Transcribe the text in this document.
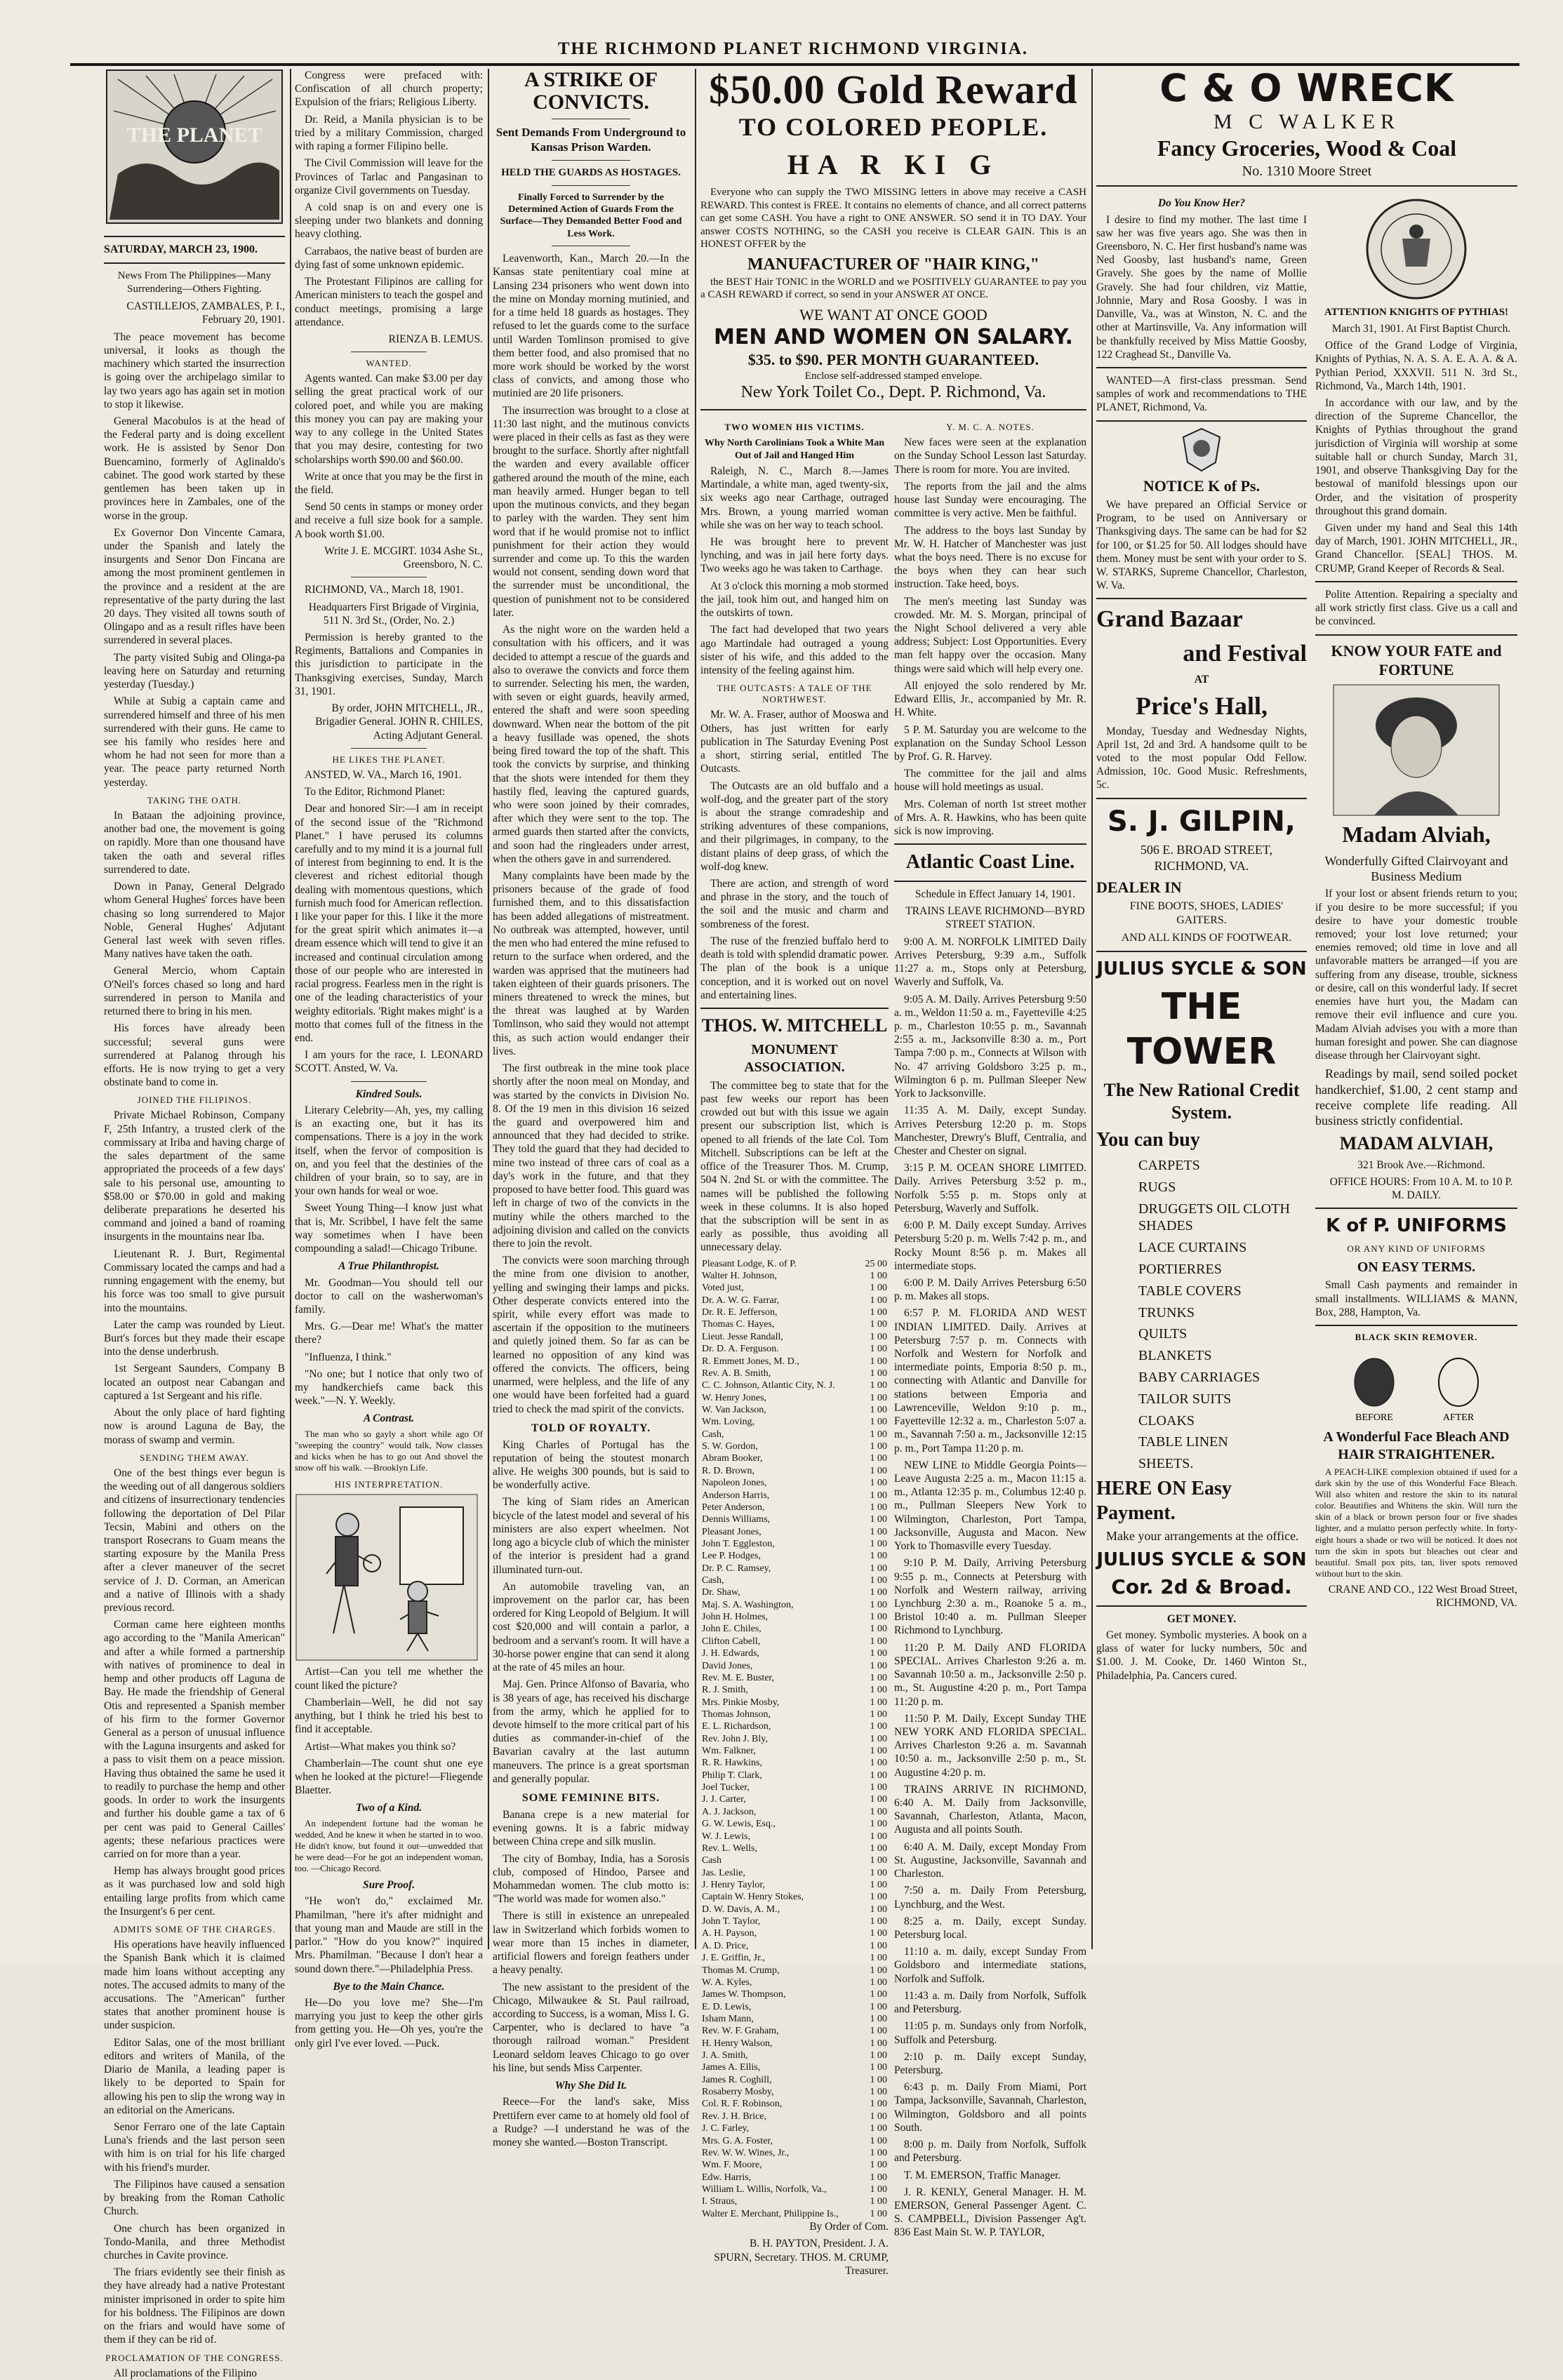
THE RICHMOND PLANET RICHMOND VIRGINIA.
THE PLANET
SATURDAY, MARCH 23, 1900.
News From The Philippines—Many Surrendering—Others Fighting.

CASTILLEJOS, ZAMBALES, P. I., February 20, 1901.

The peace movement has become universal, it looks as though the machinery which started the insurrection is going over the archipelago similar to lay two years ago has again set in motion to stop it likewise.

General Macobulos is at the head of the Federal party and is doing excellent work. He is assisted by Senor Don Buencamino, formerly of Aglinaldo's cabinet. The good work started by these gentlemen has been taken up in provinces here in Zambales, one of the worse in the group.

Ex Governor Don Vincente Camara, under the Spanish and lately the insurgents and Senor Don Fincana are among the most prominent gentlemen in the province and a resident at the are representative of the party during the last 20 days. They visited all towns south of Olingapo and as a result rifles have been surrendered in several places.

The party visited Subig and Olinga-pa leaving here on Saturday and returning yesterday (Tuesday.)

While at Subig a captain came and surrendered himself and three of his men surrendered with their guns. He came to see his family who resides here and whom he had not seen for more than a year. The peace party returned North yesterday.

TAKING THE OATH.

In Bataan the adjoining province, another bad one, the movement is going on rapidly. More than one thousand have taken the oath and several rifles surrendered to date.

Down in Panay, General Delgrado whom General Hughes' forces have been chasing so long surrendered to Major Noble, General Hughes' Adjutant General last week with seven rifles. Many natives have taken the oath.

General Mercio, whom Captain O'Neil's forces chased so long and hard surrendered in person to Manila and returned there to bring in his men.

His forces have already been successful; several guns were surrendered at Palanog through his efforts. He is now trying to get a very obstinate band to come in.

JOINED THE FILIPINOS.

Private Michael Robinson, Company F, 25th Infantry, a trusted clerk of the commissary at Iriba and having charge of the sales department of the same appropriated the proceeds of a few days' sale to his personal use, amounting to $58.00 or $70.00 in gold and making deliberate preparations he deserted his command and joined a band of roaming insurgents in the mountains near Iba.

Lieutenant R. J. Burt, Regimental Commissary located the camps and had a running engagement with the enemy, but his force was too small to give pursuit into the mountains.

Later the camp was rounded by Lieut. Burt's forces but they made their escape into the dense underbrush.

1st Sergeant Saunders, Company B located an outpost near Cabangan and captured a 1st Sergeant and his rifle.

About the only place of hard fighting now is around Laguna de Bay, the morass of swamp and vermin.

SENDING THEM AWAY.

One of the best things ever begun is the weeding out of all dangerous soldiers and citizens of insurrectionary tendencies following the deportation of Del Pilar Tecsin, Mabini and others on the transport Rosecrans to Guam means the starting exposure by the Manila Press after a clever maneuver of the secret service of J. D. Corman, an American and a native of Illinois with a shady previous record.

Corman came here eighteen months ago according to the "Manila American" and after a while formed a partnership with natives of prominence to deal in hemp and other products off Laguna de Bay. He made the friendship of General Otis and represented a Spanish member of his firm to the former Governor General as a person of unusual influence with the Laguna insurgents and asked for a pass to visit them on a peace mission. Having thus obtained the same he used it to readily to purchase the hemp and other goods. In order to work the insurgents and further his double game a tax of 6 per cent was paid to General Cailles' agents; these nefarious practices were carried on for more than a year.

Hemp has always brought good prices as it was purchased low and sold high entailing large profits from which came the Insurgent's 6 per cent.

ADMITS SOME OF THE CHARGES.

His operations have heavily influenced the Spanish Bank which it is claimed made him loans without accepting any notes. The accused admits to many of the accusations. The "American" further states that another prominent house is under suspicion.

Editor Salas, one of the most brilliant editors and writers of Manila, of the Diario de Manila, a leading paper is likely to be deported to Spain for allowing his pen to slip the wrong way in an editorial on the Americans.

Senor Ferraro one of the late Captain Luna's friends and the last person seen with him is on trial for his life charged with his friend's murder.

The Filipinos have caused a sensation by breaking from the Roman Catholic Church.

One church has been organized in Tondo-Manila, and three Methodist churches in Cavite province.

The friars evidently see their finish as they have already had a native Protestant minister imprisoned in order to spite him for his boldness. The Filipinos are down on the friars and would have some of them if they can be rid of.

PROCLAMATION OF THE CONGRESS.

All proclamations of the Filipino

Congress were prefaced with: Confiscation of all church property; Expulsion of the friars; Religious Liberty.

Dr. Reid, a Manila physician is to be tried by a military Commission, charged with raping a former Filipino belle.

The Civil Commission will leave for the Provinces of Tarlac and Pangasinan to organize Civil governments on Tuesday.

A cold snap is on and every one is sleeping under two blankets and donning heavy clothing.

Carrabaos, the native beast of burden are dying fast of some unknown epidemic.

The Protestant Filipinos are calling for American ministers to teach the gospel and conduct meetings, promising a large attendance.

RIENZA B. LEMUS.

WANTED.

Agents wanted. Can make $3.00 per day selling the great practical work of our colored poet, and while you are making this money you can pay are making your way to any college in the United States that you may desire, contesting for two scholarships worth $90.00 and $60.00.

Write at once that you may be the first in the field.

Send 50 cents in stamps or money order and receive a full size book for a sample. A book worth $1.00.

Write J. E. MCGIRT. 1034 Ashe St., Greensboro, N. C.

RICHMOND, VA., March 18, 1901.

Headquarters First Brigade of Virginia, 511 N. 3rd St., (Order, No. 2.)

Permission is hereby granted to the Regiments, Battalions and Companies in this jurisdiction to participate in the Thanksgiving exercises, Sunday, March 31, 1901.

By order, JOHN MITCHELL, JR., Brigadier General. JOHN R. CHILES, Acting Adjutant General.

HE LIKES THE PLANET.

ANSTED, W. VA., March 16, 1901.

To the Editor, Richmond Planet:

Dear and honored Sir:—I am in receipt of the second issue of the "Richmond Planet." I have perused its columns carefully and to my mind it is a journal full of interest from beginning to end. It is the cleverest and richest editorial though dealing with momentous questions, which furnish much food for American reflection. I like your paper for this. I like it the more for the great spirit which animates it—a dream essence which will tend to give it an increased and continual circulation among those of our people who are interested in racial progress. Fearless men in the right is one of the leading characteristics of your weighty editorials. 'Right makes might' is a motto that comes full of the fitness in the end.

I am yours for the race, I. LEONARD SCOTT. Ansted, W. Va.

Kindred Souls.

Literary Celebrity—Ah, yes, my calling is an exacting one, but it has its compensations. There is a joy in the work itself, when the fervor of composition is on, and you feel that the destinies of the children of your brain, so to say, are in your own hands for weal or woe.

Sweet Young Thing—I know just what that is, Mr. Scribbel, I have felt the same way sometimes when I have been compounding a salad!—Chicago Tribune.

A True Philanthropist.

Mr. Goodman—You should tell our doctor to call on the washerwoman's family.

Mrs. G.—Dear me! What's the matter there?

"Influenza, I think."

"No one; but I notice that only two of my handkerchiefs came back this week."—N. Y. Weekly.

A Contrast.

The man who so gayly a short while ago Of "sweeping the country" would talk, Now classes and kicks when he has to go out And shovel the snow off his walk. —Brooklyn Life.

HIS INTERPRETATION.

Artist—Can you tell me whether the count liked the picture?

Chamberlain—Well, he did not say anything, but I think he tried his best to find it acceptable.

Artist—What makes you think so?

Chamberlain—The count shut one eye when he looked at the picture!—Fliegende Blaetter.

Two of a Kind.

An independent fortune had the woman he wedded, And he knew it when he started in to woo. He didn't know, but found it out—unwedded that he were dead—For he got an independent woman, too. —Chicago Record.

Sure Proof.

"He won't do," exclaimed Mr. Phamilman, "here it's after midnight and that young man and Maude are still in the parlor." "How do you know?" inquired Mrs. Phamilman. "Because I don't hear a sound down there."—Philadelphia Press.

Bye to the Main Chance.

He—Do you love me? She—I'm marrying you just to keep the other girls from getting you. He—Oh yes, you're the only girl I've ever loved. —Puck.

A STRIKE OF CONVICTS.
Sent Demands From Underground to Kansas Prison Warden.
HELD THE GUARDS AS HOSTAGES.
Finally Forced to Surrender by the Determined Action of Guards From the Surface—They Demanded Better Food and Less Work.

Leavenworth, Kan., March 20.—In the Kansas state penitentiary coal mine at Lansing 234 prisoners who went down into the mine on Monday morning mutinied, and for a time held 18 guards as hostages. They refused to let the guards come to the surface until Warden Tomlinson promised to give them better food, and also promised that no more work should be worked by the worst class of convicts, and among those who mutinied are 20 life prisoners.

The insurrection was brought to a close at 11:30 last night, and the mutinous convicts were placed in their cells as fast as they were brought to the surface. Shortly after nightfall the warden and every available officer gathered around the mouth of the mine, each man heavily armed. Hunger began to tell upon the mutinous convicts, and they began to parley with the warden. They sent him word that if he would promise not to inflict punishment for their action they would surrender and come up. To this the warden would not consent, sending down word that the surrender must be unconditional, the question of punishment not to be considered later.

As the night wore on the warden held a consultation with his officers, and it was decided to attempt a rescue of the guards and also to overawe the convicts and force them to surrender. Selecting his men, the warden, with seven or eight guards, heavily armed, entered the shaft and were soon speeding downward. When near the bottom of the pit a heavy fusillade was opened, the shots being fired toward the top of the shaft. This took the convicts by surprise, and thinking that the shots were intended for them they hastily fled, leaving the captured guards, who were soon joined by their comrades, after which they were sent to the top. The armed guards then started after the convicts, and soon had the ringleaders under arrest, when the others gave in and surrendered.

Many complaints have been made by the prisoners because of the grade of food furnished them, and to this dissatisfaction has been added allegations of mistreatment. No outbreak was attempted, however, until the men who had entered the mine refused to return to the surface when ordered, and the warden was apprised that the mutineers had taken eighteen of their guards prisoners. The miners threatened to wreck the mines, but the threat was laughed at by Warden Tomlinson, who said they would not attempt this, as such action would endanger their lives.

The first outbreak in the mine took place shortly after the noon meal on Monday, and was started by the convicts in Division No. 8. Of the 19 men in this division 16 seized the guard and overpowered him and announced that they had decided to strike. They told the guard that they had decided to mine two instead of three cars of coal as a day's work in the future, and that they proposed to have better food. This guard was left in charge of two of the convicts in the mutiny while the others marched to the adjoining division and called on the convicts there to join the revolt.

The convicts were soon marching through the mine from one division to another, yelling and swinging their lamps and picks. Other desperate convicts entered into the spirit, while every effort was made to ascertain if the opposition to the mutineers and quietly joined them. So far as can be learned no opposition of any kind was offered the convicts. The officers, being unarmed, were helpless, and the life of any one would have been forfeited had a guard tried to check the mad spirit of the convicts.

TOLD OF ROYALTY.

King Charles of Portugal has the reputation of being the stoutest monarch alive. He weighs 300 pounds, but is said to be wonderfully active.

The king of Siam rides an American bicycle of the latest model and several of his ministers are also expert wheelmen. Not long ago a bicycle club of which the minister of the interior is president had a grand illuminated turn-out.

An automobile traveling van, an improvement on the parlor car, has been ordered for King Leopold of Belgium. It will cost $20,000 and will contain a parlor, a bedroom and a servant's room. It will have a 30-horse power engine that can send it along at the rate of 45 miles an hour.

Maj. Gen. Prince Alfonso of Bavaria, who is 38 years of age, has received his discharge from the army, which he applied for to devote himself to the more critical part of his duties as commander-in-chief of the Bavarian cavalry at the last autumn maneuvers. The prince is a great sportsman and generally popular.

SOME FEMININE BITS.

Banana crepe is a new material for evening gowns. It is a fabric midway between China crepe and silk muslin.

The city of Bombay, India, has a Sorosis club, composed of Hindoo, Parsee and Mohammedan women. The club motto is: "The world was made for women also."

There is still in existence an unrepealed law in Switzerland which forbids women to wear more than 15 inches in diameter, artificial flowers and foreign feathers under a heavy penalty.

The new assistant to the president of the Chicago, Milwaukee & St. Paul railroad, according to Success, is a woman, Miss I. G. Carpenter, who is declared to have "a thorough railroad woman." President Leonard seldom leaves Chicago to go over his line, but sends Miss Carpenter.

Why She Did It.

Reece—For the land's sake, Miss Prettifern ever came to at homely old fool of a Rudge? —I understand he was of the money she wanted.—Boston Transcript.

$50.00 Gold Reward
TO COLORED PEOPLE.
HA R KI G

Everyone who can supply the TWO MISSING letters in above may receive a CASH REWARD. This contest is FREE. It contains no elements of chance, and all correct patterns can get some CASH. You have a right to ONE ANSWER. SO send it in TO DAY. Your answer COSTS NOTHING, so the CASH you receive is CLEAR GAIN. This is an HONEST OFFER by the

MANUFACTURER OF "HAIR KING,"

the BEST Hair TONIC in the WORLD and we POSITIVELY GUARANTEE to pay you a CASH REWARD if correct, so send in your ANSWER AT ONCE.

WE WANT AT ONCE GOOD
MEN AND WOMEN ON SALARY.
$35. to $90. PER MONTH GUARANTEED.
Enclose self-addressed stamped envelope.
New York Toilet Co., Dept. P. Richmond, Va.
TWO WOMEN HIS VICTIMS.
Why North Carolinians Took a White Man Out of Jail and Hanged Him

Raleigh, N. C., March 8.—James Martindale, a white man, aged twenty-six, six weeks ago near Carthage, outraged Mrs. Brown, a young married woman while she was on her way to teach school.

He was brought here to prevent lynching, and was in jail here forty days. Two weeks ago he was taken to Carthage.

At 3 o'clock this morning a mob stormed the jail, took him out, and hanged him on the outskirts of town.

The fact had developed that two years ago Martindale had outraged a young sister of his wife, and this added to the intensity of the feeling against him.

THE OUTCASTS: A TALE OF THE NORTHWEST.

Mr. W. A. Fraser, author of Mooswa and Others, has just written for early publication in The Saturday Evening Post a short, stirring serial, entitled The Outcasts.

The Outcasts are an old buffalo and a wolf-dog, and the greater part of the story is about the strange comradeship and striking adventures of these companions, and their pilgrimages, in company, to the distant plains of deep grass, of which the wolf-dog knew.

There are action, and strength of word and phrase in the story, and the touch of the soil and the music and charm and sombreness of the forest.

The ruse of the frenzied buffalo herd to death is told with splendid dramatic power. The plan of the book is a unique conception, and it is worked out on novel and entertaining lines.

THOS. W. MITCHELL
MONUMENT ASSOCIATION.

The committee beg to state that for the past few weeks our report has been crowded out but with this issue we again present our subscription list, which is opened to all friends of the late Col. Tom Mitchell. Subscriptions can be left at the office of the Treasurer Thos. M. Crump, 504 N. 2nd St. or with the committee. The names will be published the following week in these columns. It is also hoped that the subscription will be sent in as early as possible, thus avoiding all unnecessary delay.

Pleasant Lodge, K. of P.	25 00
Walter H. Johnson,	1 00
Voted just,	1 00
Dr. A. W. G. Farrar,	1 00
Dr. R. E. Jefferson,	1 00
Thomas C. Hayes,	1 00
Lieut. Jesse Randall,	1 00
Dr. D. A. Ferguson.	1 00
R. Emmett Jones, M. D.,	1 00
Rev. A. B. Smith,	1 00
C. C. Johnson, Atlantic City, N. J.	1 00
W. Henry Jones,	1 00
W. Van Jackson,	1 00
Wm. Loving,	1 00
Cash,	1 00
S. W. Gordon,	1 00
Abram Booker,	1 00
R. D. Brown,	1 00
Napoleon Jones,	1 00
Anderson Harris,	1 00
Peter Anderson,	1 00
Dennis Williams,	1 00
Pleasant Jones,	1 00
John T. Eggleston,	1 00
Lee P. Hodges,	1 00
Dr. P. C. Ramsey,	1 00
Cash,	1 00
Dr. Shaw,	1 00
Maj. S. A. Washington,	1 00
John H. Holmes,	1 00
John E. Chiles,	1 00
Clifton Cabell,	1 00
J. H. Edwards,	1 00
David Jones,	1 00
Rev. M. E. Buster,	1 00
R. J. Smith,	1 00
Mrs. Pinkie Mosby,	1 00
Thomas Johnson,	1 00
E. L. Richardson,	1 00
Rev. John J. Bly,	1 00
Wm. Falkner,	1 00
R. R. Hawkins,	1 00
Philip T. Clark,	1 00
Joel Tucker,	1 00
J. J. Carter,	1 00
A. J. Jackson,	1 00
G. W. Lewis, Esq.,	1 00
W. J. Lewis,	1 00
Rev. L. Wells,	1 00
Cash	1 00
Jas. Leslie,	1 00
J. Henry Taylor,	1 00
Captain W. Henry Stokes,	1 00
D. W. Davis, A. M.,	1 00
John T. Taylor,	1 00
A. H. Payson,	1 00
A. D. Price,	1 00
J. E. Griffin, Jr.,	1 00
Thomas M. Crump,	1 00
W. A. Kyles,	1 00
James W. Thompson,	1 00
E. D. Lewis,	1 00
Isham Mann,	1 00
Rev. W. F. Graham,	1 00
H. Henry Walson,	1 00
J. A. Smith,	1 00
James A. Ellis,	1 00
James R. Coghill,	1 00
Rosaberry Mosby,	1 00
Col. R. F. Robinson,	1 00
Rev. J. H. Brice,	1 00
J. C. Farley,	1 00
Mrs. G. A. Foster,	1 00
Rev. W. W. Wines, Jr.,	1 00
Wm. F. Moore,	1 00
Edw. Harris,	1 00
William L. Willis, Norfolk, Va.,	1 00
I. Straus,	1 00
Walter E. Merchant, Philippine Is.,	1 00

By Order of Com.

B. H. PAYTON, President. J. A. SPURN, Secretary. THOS. M. CRUMP, Treasurer.

Y. M. C. A. NOTES.

New faces were seen at the explanation on the Sunday School Lesson last Saturday. There is room for more. You are invited.

The reports from the jail and the alms house last Sunday were encouraging. The committee is very active. Men be faithful.

The address to the boys last Sunday by Mr. W. H. Hatcher of Manchester was just what the boys need. There is no excuse for the boys when they can hear such instruction. Take heed, boys.

The men's meeting last Sunday was crowded. Mr. M. S. Morgan, principal of the Night School delivered a very able address; Subject: Lost Opportunities. Every man felt happy over the occasion. Many things were said which will help every one.

All enjoyed the solo rendered by Mr. Edward Ellis, Jr., accompanied by Mr. R. H. White.

5 P. M. Saturday you are welcome to the explanation on the Sunday School Lesson by Prof. G. R. Harvey.

The committee for the jail and alms house will hold meetings as usual.

Mrs. Coleman of north 1st street mother of Mrs. A. R. Hawkins, who has been quite sick is now improving.

Atlantic Coast Line.

Schedule in Effect January 14, 1901.

TRAINS LEAVE RICHMOND—BYRD STREET STATION.

9:00 A. M. NORFOLK LIMITED Daily Arrives Petersburg, 9:39 a.m., Suffolk 11:27 a. m., Stops only at Petersburg, Waverly and Suffolk, Va.

9:05 A. M. Daily. Arrives Petersburg 9:50 a. m., Weldon 11:50 a. m., Fayetteville 4:25 p. m., Charleston 10:55 p. m., Savannah 2:55 a. m., Jacksonville 8:30 a. m., Port Tampa 7:00 p. m., Connects at Wilson with No. 47 arriving Goldsboro 3:25 p. m., Wilmington 6 p. m. Pullman Sleeper New York to Jacksonville.

11:35 A. M. Daily, except Sunday. Arrives Petersburg 12:20 p. m. Stops Manchester, Drewry's Bluff, Centralia, and Chester and Chester on signal.

3:15 P. M. OCEAN SHORE LIMITED. Daily. Arrives Petersburg 3:52 p. m., Norfolk 5:55 p. m. Stops only at Petersburg, Waverly and Suffolk.

6:00 P. M. Daily except Sunday. Arrives Petersburg 5:20 p. m. Wells 7:42 p. m., and Rocky Mount 8:56 p. m. Makes all intermediate stops.

6:00 P. M. Daily Arrives Petersburg 6:50 p. m. Makes all stops.

6:57 P. M. FLORIDA AND WEST INDIAN LIMITED. Daily. Arrives at Petersburg 7:57 p. m. Connects with Norfolk and Western for Norfolk and intermediate points, Emporia 8:50 p. m., connecting with Atlantic and Danville for stations between Emporia and Lawrenceville, Weldon 9:10 p. m., Fayetteville 12:32 a. m., Charleston 5:07 a. m., Savannah 7:50 a. m., Jacksonville 12:15 p. m., Port Tampa 11:20 p. m.

NEW LINE to Middle Georgia Points—Leave Augusta 2:25 a. m., Macon 11:15 a. m., Atlanta 12:35 p. m., Columbus 12:40 p. m., Pullman Sleepers New York to Wilmington, Charleston, Port Tampa, Jacksonville, Augusta and Macon. New York to Thomasville every Tuesday.

9:10 P. M. Daily, Arriving Petersburg 9:55 p. m., Connects at Petersburg with Norfolk and Western railway, arriving Lynchburg 2:30 a. m., Roanoke 5 a. m., Bristol 10:40 a. m. Pullman Sleeper Richmond to Lynchburg.

11:20 P. M. Daily AND FLORIDA SPECIAL. Arrives Charleston 9:26 a. m. Savannah 10:50 a. m., Jacksonville 2:50 p. m., St. Augustine 4:20 p. m., Port Tampa 11:20 p. m.

11:50 P. M. Daily, Except Sunday THE NEW YORK AND FLORIDA SPECIAL. Arrives Charleston 9:26 a. m. Savannah 10:50 a. m., Jacksonville 2:50 p. m., St. Augustine 4:20 p. m.

TRAINS ARRIVE IN RICHMOND, 6:40 A. M. Daily from Jacksonville, Savannah, Charleston, Atlanta, Macon, Augusta and all points South.

6:40 A. M. Daily, except Monday From St. Augustine, Jacksonville, Savannah and Charleston.

7:50 a. m. Daily From Petersburg, Lynchburg, and the West.

8:25 a. m. Daily, except Sunday. Petersburg local.

11:10 a. m. daily, except Sunday From Goldsboro and intermediate stations, Norfolk and Suffolk.

11:43 a. m. Daily from Norfolk, Suffolk and Petersburg.

11:05 p. m. Sundays only from Norfolk, Suffolk and Petersburg.

2:10 p. m. Daily except Sunday, Petersburg.

6:43 p. m. Daily From Miami, Port Tampa, Jacksonville, Savannah, Charleston, Wilmington, Goldsboro and all points South.

8:00 p. m. Daily from Norfolk, Suffolk and Petersburg.

T. M. EMERSON, Traffic Manager.

J. R. KENLY, General Manager. H. M. EMERSON, General Passenger Agent. C. S. CAMPBELL, Division Passenger Ag't. 836 East Main St. W. P. TAYLOR,

C & O WRECK
M C WALKER
Fancy Groceries, Wood & Coal
No. 1310 Moore Street
Do You Know Her?

I desire to find my mother. The last time I saw her was five years ago. She was then in Greensboro, N. C. Her first husband's name was Ned Goosby, last husband's name, Green Gravely. She goes by the name of Mollie Gravely. She had four children, viz Mattie, Johnnie, Mary and Rosa Goosby. I was in Danville, Va., was at Winston, N. C. and the other at Martinsville, Va. Any information will be thankfully received by Miss Mattie Goosby, 122 Craghead St., Danville Va.

WANTED—A first-class pressman. Send samples of work and recommendations to THE PLANET, Richmond, Va.

NOTICE K of Ps.

We have prepared an Official Service or Program, to be used on Anniversary or Thanksgiving days. The same can be had for $2 for 100, or $1.25 for 50. All lodges should have them. Money must be sent with your order to S. W. STARKS, Supreme Chancellor, Charleston, W. Va.

Grand Bazaar
and Festival
AT
Price's Hall,

Monday, Tuesday and Wednesday Nights, April 1st, 2d and 3rd. A handsome quilt to be voted to the most popular Odd Fellow. Admission, 10c. Good Music. Refreshments, 5c.

S. J. GILPIN,

506 E. BROAD STREET, RICHMOND, VA.

DEALER IN

FINE BOOTS, SHOES, LADIES' GAITERS.

AND ALL KINDS OF FOOTWEAR.

JULIUS SYCLE & SON
THE TOWER
The New Rational Credit System.
You can buy
CARPETS
RUGS
DRUGGETS OIL CLOTH SHADES
LACE CURTAINS
PORTIERRES
TABLE COVERS
TRUNKS
QUILTS
BLANKETS
BABY CARRIAGES
TAILOR SUITS
CLOAKS
TABLE LINEN
SHEETS.
HERE ON Easy Payment.

Make your arrangements at the office.

JULIUS SYCLE & SON
Cor. 2d & Broad.
GET MONEY.

Get money. Symbolic mysteries. A book on a glass of water for lucky numbers, 50c and $1.00. J. M. Cooke, Dr. 1460 Winton St., Philadelphia, Pa. Cancers cured.

ATTENTION KNIGHTS OF PYTHIAS!

March 31, 1901. At First Baptist Church.

Office of the Grand Lodge of Virginia, Knights of Pythias, N. A. S. A. E. A. A. & A. Pythian Period, XXXVII. 511 N. 3rd St., Richmond, Va., March 14th, 1901.

In accordance with our law, and by the direction of the Supreme Chancellor, the Knights of Pythias throughout the grand jurisdiction of Virginia will worship at some suitable hall or church Sunday, March 31, 1901, and observe Thanksgiving Day for the bestowal of manifold blessings upon our Order, and the visitation of prosperity throughout this grand domain.

Given under my hand and Seal this 14th day of March, 1901. JOHN MITCHELL, JR., Grand Chancellor. [SEAL] THOS. M. CRUMP, Grand Keeper of Records & Seal.

Polite Attention. Repairing a specialty and all work strictly first class. Give us a call and be convinced.

KNOW YOUR FATE and FORTUNE
Madam Alviah,
Wonderfully Gifted Clairvoyant and Business Medium

If your lost or absent friends return to you; if you desire to be more successful; if you desire to have your domestic trouble removed; your lost love returned; your enemies removed; old time in love and all unfavorable matters be arranged—if you are suffering from any disease, trouble, sickness or desire, call on this wonderful lady. If secret enemies have hurt you, the Madam can remove their evil influence and cure you. Madam Alviah advises you with a more than human foresight and power. She can diagnose disease through her Clairvoyant sight.

Readings by mail, send soiled pocket handkerchief, $1.00, 2 cent stamp and receive complete life reading. All business strictly confidential.

MADAM ALVIAH,

321 Brook Ave.—Richmond.

OFFICE HOURS: From 10 A. M. to 10 P. M. DAILY.

K of P. UNIFORMS
OR ANY KIND OF UNIFORMS
ON EASY TERMS.

Small Cash payments and remainder in small installments. WILLIAMS & MANN, Box, 288, Hampton, Va.

BLACK SKIN REMOVER.
BEFORE	AFTER
A Wonderful Face Bleach AND HAIR STRAIGHTENER.

A PEACH-LIKE complexion obtained if used for a dark skin by the use of this Wonderful Face Bleach. Will also whiten and restore the skin to its natural color. Beautifies and Whitens the skin. Will turn the skin of a black or brown person four or five shades lighter, and a mulatto person perfectly white. In forty-eight hours a shade or two will be noticed. It does not turn the skin in spots but bleaches out clear and beautiful. Small pox pits, tan, liver spots removed without hurt to the skin.

CRANE AND CO., 122 West Broad Street, RICHMOND, VA.
